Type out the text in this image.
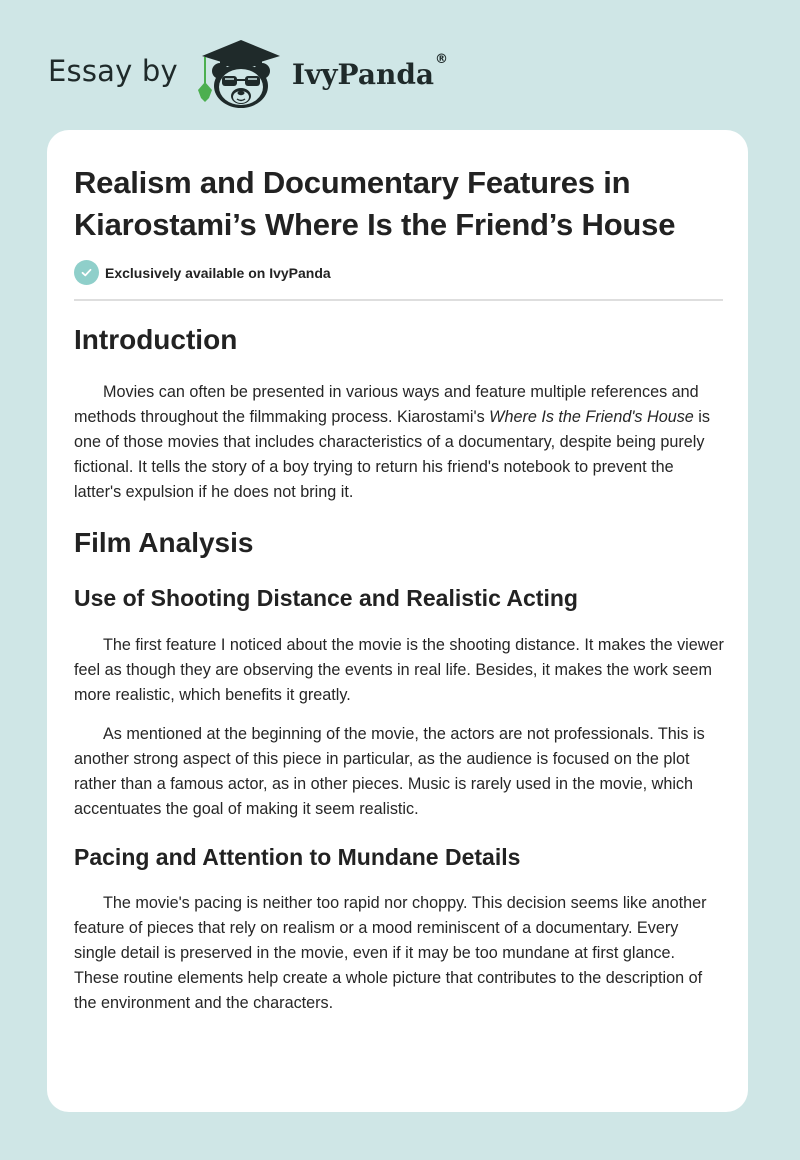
Essay by	IvyPanda®
Realism and Documentary Features in Kiarostami’s Where Is the Friend’s House
Exclusively available on IvyPanda
Introduction

Movies can often be presented in various ways and feature multiple references and methods throughout the filmmaking process. Kiarostami's Where Is the Friend's House is one of those movies that includes characteristics of a documentary, despite being purely fictional. It tells the story of a boy trying to return his friend's notebook to prevent the latter's expulsion if he does not bring it.

Film Analysis
Use of Shooting Distance and Realistic Acting

The first feature I noticed about the movie is the shooting distance. It makes the viewer feel as though they are observing the events in real life. Besides, it makes the work seem more realistic, which benefits it greatly.

As mentioned at the beginning of the movie, the actors are not professionals. This is another strong aspect of this piece in particular, as the audience is focused on the plot rather than a famous actor, as in other pieces. Music is rarely used in the movie, which accentuates the goal of making it seem realistic.

Pacing and Attention to Mundane Details

The movie's pacing is neither too rapid nor choppy. This decision seems like another feature of pieces that rely on realism or a mood reminiscent of a documentary. Every single detail is preserved in the movie, even if it may be too mundane at first glance. These routine elements help create a whole picture that contributes to the description of the environment and the characters.
